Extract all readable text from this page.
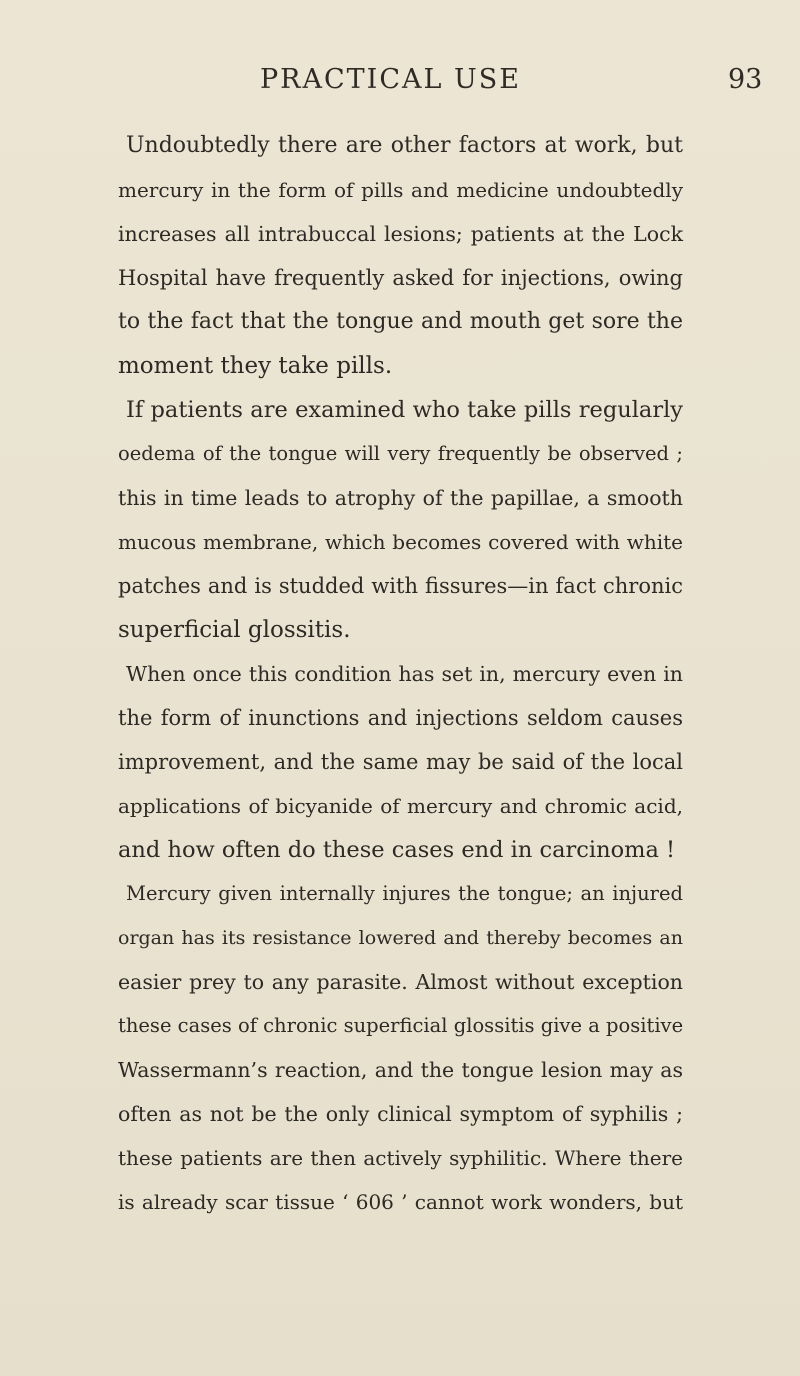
PRACTICAL USE	93
Undoubtedly there are other factors at work, but
mercury in the form of pills and medicine undoubtedly
increases all intrabuccal lesions; patients at the Lock
Hospital have frequently asked for injections, owing
to the fact that the tongue and mouth get sore the
moment they take pills.
If patients are examined who take pills regularly
oedema of the tongue will very frequently be observed ;
this in time leads to atrophy of the papillae, a smooth
mucous membrane, which becomes covered with white
patches and is studded with fissures—in fact chronic
superficial glossitis.
When once this condition has set in, mercury even in
the form of inunctions and injections seldom causes
improvement, and the same may be said of the local
applications of bicyanide of mercury and chromic acid,
and how often do these cases end in carcinoma !
Mercury given internally injures the tongue; an injured
organ has its resistance lowered and thereby becomes an
easier prey to any parasite. Almost without exception
these cases of chronic superficial glossitis give a positive
Wassermann’s reaction, and the tongue lesion may as
often as not be the only clinical symptom of syphilis ;
these patients are then actively syphilitic. Where there
is already scar tissue ‘ 606 ’ cannot work wonders, but
